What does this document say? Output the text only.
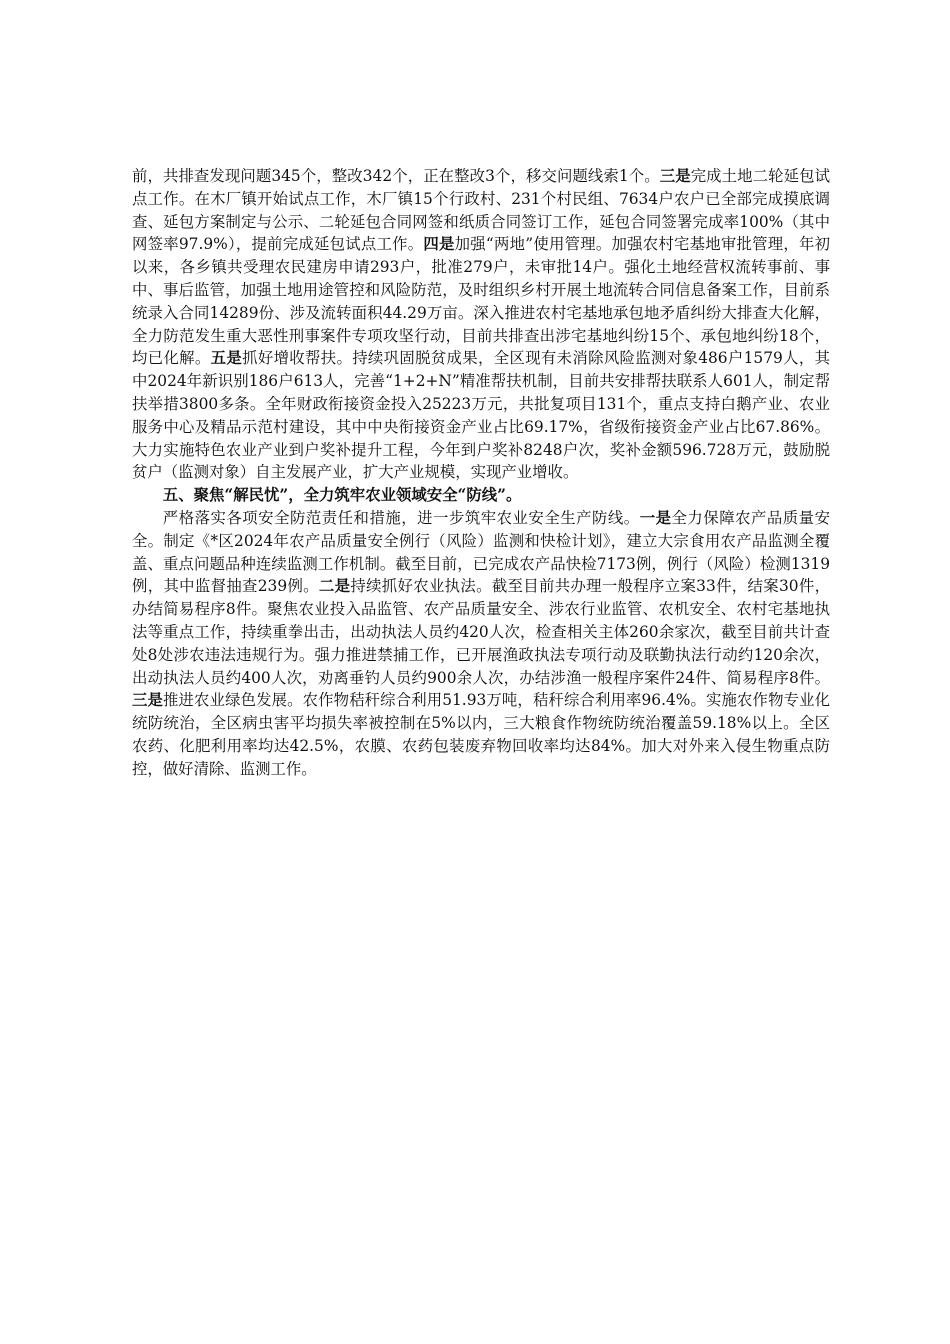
前，共排查发现问题345个，整改342个，正在整改3个，移交问题线索1个。三是完成土地二轮延包试点工作。在木厂镇开始试点工作，木厂镇15个行政村、231个村民组、7634户农户已全部完成摸底调查、延包方案制定与公示、二轮延包合同网签和纸质合同签订工作，延包合同签署完成率100%（其中网签率97.9%），提前完成延包试点工作。四是加强“两地”使用管理。加强农村宅基地审批管理，年初以来，各乡镇共受理农民建房申请293户，批准279户，未审批14户。强化土地经营权流转事前、事中、事后监管，加强土地用途管控和风险防范，及时组织乡村开展土地流转合同信息备案工作，目前系统录入合同14289份、涉及流转面积44.29万亩。深入推进农村宅基地承包地矛盾纠纷大排查大化解，全力防范发生重大恶性刑事案件专项攻坚行动，目前共排查出涉宅基地纠纷15个、承包地纠纷18个，均已化解。五是抓好增收帮扶。持续巩固脱贫成果，全区现有未消除风险监测对象486户1579人，其中2024年新识别186户613人，完善“1+2+N”精准帮扶机制，目前共安排帮扶联系人601人，制定帮扶举措3800多条。全年财政衔接资金投入25223万元，共批复项目131个，重点支持白鹅产业、农业服务中心及精品示范村建设，其中中央衔接资金产业占比69.17%，省级衔接资金产业占比67.86%。大力实施特色农业产业到户奖补提升工程，今年到户奖补8248户次，奖补金额596.728万元，鼓励脱贫户（监测对象）自主发展产业，扩大产业规模，实现产业增收。

五、聚焦“解民忧”，全力筑牢农业领域安全“防线”。

严格落实各项安全防范责任和措施，进一步筑牢农业安全生产防线。一是全力保障农产品质量安全。制定《*区2024年农产品质量安全例行（风险）监测和快检计划》，建立大宗食用农产品监测全覆盖、重点问题品种连续监测工作机制。截至目前，已完成农产品快检7173例，例行（风险）检测1319例，其中监督抽查239例。二是持续抓好农业执法。截至目前共办理一般程序立案33件，结案30件，办结简易程序8件。聚焦农业投入品监管、农产品质量安全、涉农行业监管、农机安全、农村宅基地执法等重点工作，持续重拳出击，出动执法人员约420人次，检查相关主体260余家次，截至目前共计查处8处涉农违法违规行为。强力推进禁捕工作，已开展渔政执法专项行动及联勤执法行动约120余次，出动执法人员约400人次，劝离垂钓人员约900余人次，办结涉渔一般程序案件24件、简易程序8件。三是推进农业绿色发展。农作物秸秆综合利用51.93万吨，秸秆综合利用率96.4%。实施农作物专业化统防统治，全区病虫害平均损失率被控制在5%以内，三大粮食作物统防统治覆盖59.18%以上。全区农药、化肥利用率均达42.5%，农膜、农药包装废弃物回收率均达84%。加大对外来入侵生物重点防控，做好清除、监测工作。
